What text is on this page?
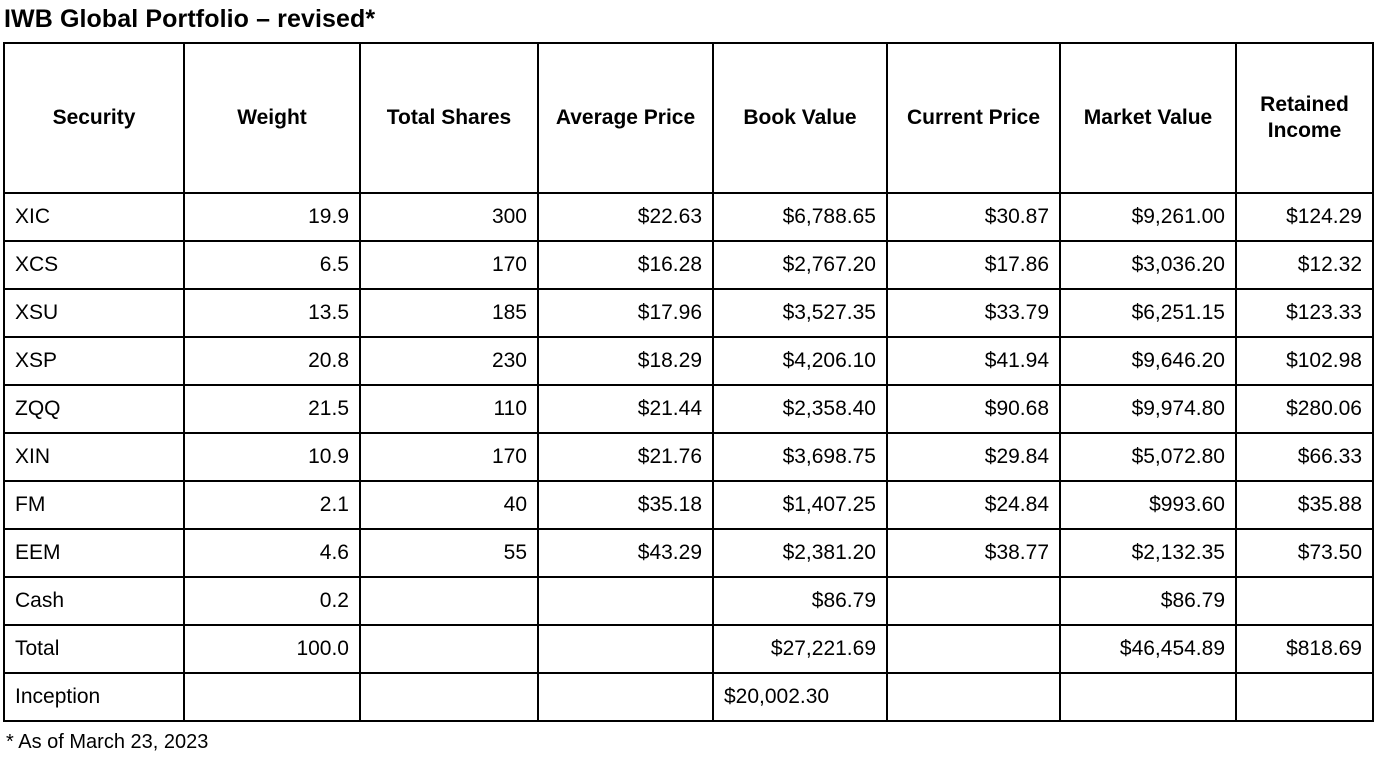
IWB Global Portfolio – revised*
Security	Weight	Total Shares	Average Price	Book Value	Current Price	Market Value	Retained Income
XIC	19.9	300	$22.63	$6,788.65	$30.87	$9,261.00	$124.29
XCS	6.5	170	$16.28	$2,767.20	$17.86	$3,036.20	$12.32
XSU	13.5	185	$17.96	$3,527.35	$33.79	$6,251.15	$123.33
XSP	20.8	230	$18.29	$4,206.10	$41.94	$9,646.20	$102.98
ZQQ	21.5	110	$21.44	$2,358.40	$90.68	$9,974.80	$280.06
XIN	10.9	170	$21.76	$3,698.75	$29.84	$5,072.80	$66.33
FM	2.1	40	$35.18	$1,407.25	$24.84	$993.60	$35.88
EEM	4.6	55	$43.29	$2,381.20	$38.77	$2,132.35	$73.50
Cash	0.2			$86.79		$86.79	
Total	100.0			$27,221.69		$46,454.89	$818.69
Inception				$20,002.30			
* As of March 23, 2023
